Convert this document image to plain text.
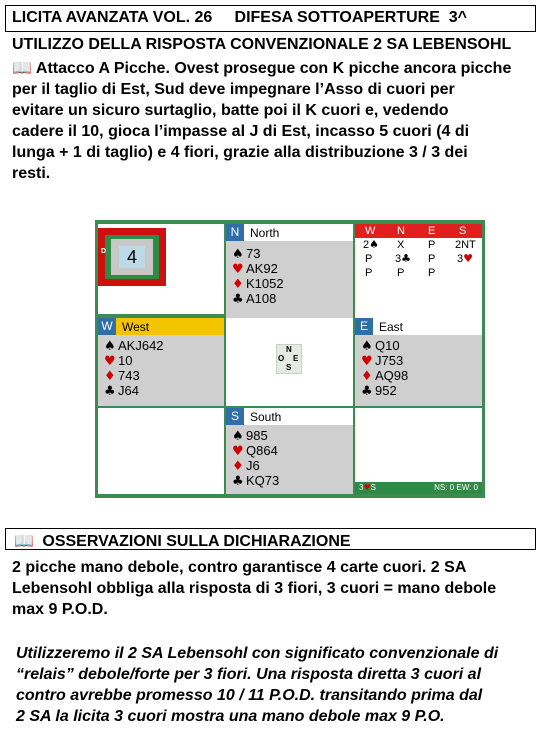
LICITA AVANZATA VOL. 26 DIFESA SOTTOAPERTURE  3^
UTILIZZO DELLA RISPOSTA CONVENZIONALE 2 SA LEBENSOHL
📖 Attacco A Picche. Ovest prosegue con K picche ancora picche
per il taglio di Est, Sud deve impegnare l’Asso di cuori per
evitare un sicuro surtaglio, batte poi il K cuori e, vedendo
cadere il 10, gioca l’impasse al J di Est, incasso 5 cuori (4 di
lunga + 1 di taglio) e 4 fiori, grazie alla distribuzione 3 / 3 dei
resti.
4
D
N North
♠ 73
♥ AK92
♦ K1052
♣ A108
W N E S
2♠ X P 2NT
P 3♣ P 3♥
P P P
W West
♠ AKJ642
♥ 10
♦ 743
♣ J64
N
O E
S
E East
♠ Q10
♥ J753
♦ AQ98
♣ 952
S South
♠ 985
♥ Q864
♦ J6
♣ KQ73	3♥S	NS: 0 EW: 0
📖 OSSERVAZIONI SULLA DICHIARAZIONE
2 picche mano debole, contro garantisce 4 carte cuori. 2 SA
Lebensohl obbliga alla risposta di 3 fiori, 3 cuori = mano debole
max 9 P.O.D.
Utilizzeremo il 2 SA Lebensohl con significato convenzionale di
“relais” debole/forte per 3 fiori. Una risposta diretta 3 cuori al
contro avrebbe promesso 10 / 11 P.O.D. transitando prima dal
2 SA la licita 3 cuori mostra una mano debole max 9 P.O.
